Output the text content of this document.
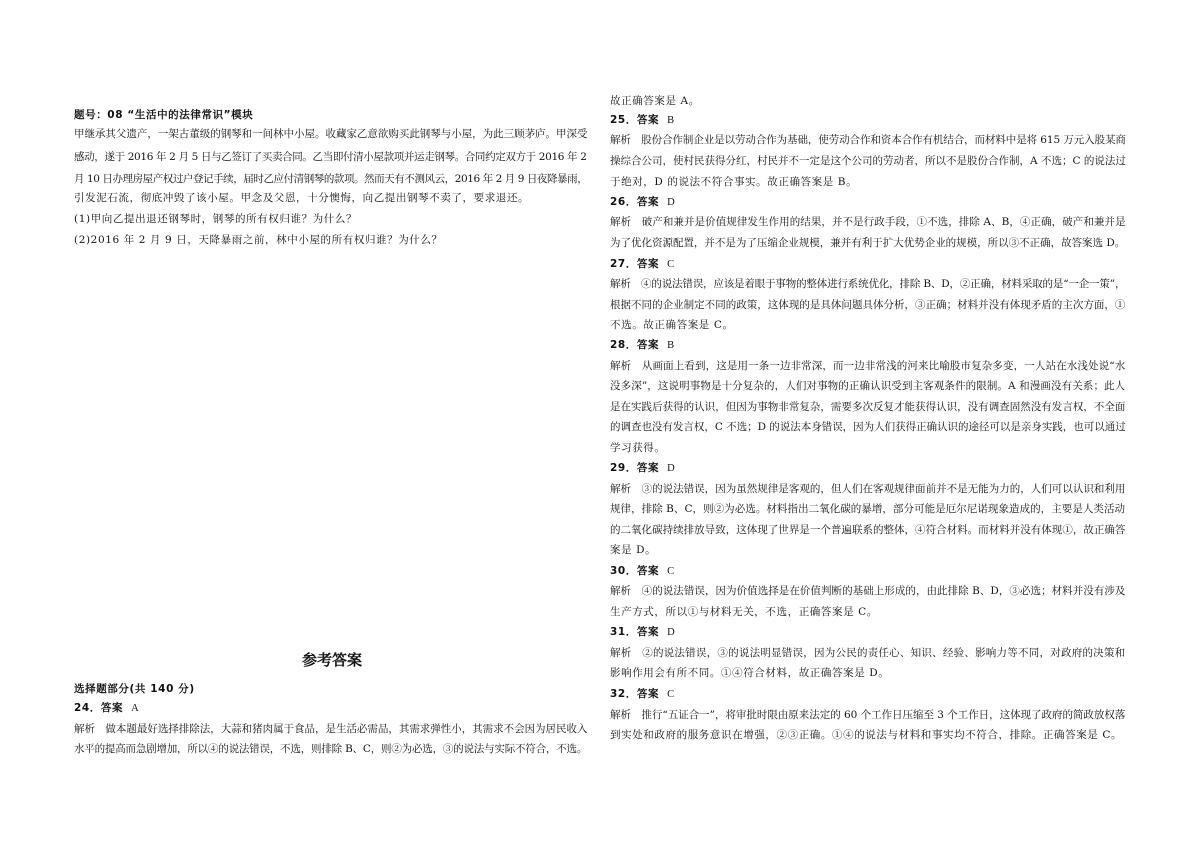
题号：08 “生活中的法律常识”模块
甲继承其父遗产，一架古董级的钢琴和一间林中小屋。收藏家乙意欲购买此钢琴与小屋，为此三顾茅庐。甲深受
感动，遂于 2016 年 2 月 5 日与乙签订了买卖合同。乙当即付清小屋款项并运走钢琴。合同约定双方于 2016 年 2
月 10 日办理房屋产权过户登记手续，届时乙应付清钢琴的款项。然而天有不测风云，2016 年 2 月 9 日夜降暴雨，
引发泥石流，彻底冲毁了该小屋。甲念及父恩，十分懊悔，向乙提出钢琴不卖了，要求退还。
(1)甲向乙提出退还钢琴时，钢琴的所有权归谁？为什么？
(2)2016 年 2 月 9 日，天降暴雨之前，林中小屋的所有权归谁？为什么？
参考答案
选择题部分(共 140 分)
24．答案 A
解析　做本题最好选择排除法，大蒜和猪肉属于食品，是生活必需品，其需求弹性小，其需求不会因为居民收入
水平的提高而急剧增加，所以④的说法错误，不选，则排除 B、C，则②为必选，③的说法与实际不符合，不选。
故正确答案是 A。
25．答案 B
解析　股份合作制企业是以劳动合作为基础，使劳动合作和资本合作有机结合，而材料中是将 615 万元入股某商
操综合公司，使村民获得分红，村民并不一定是这个公司的劳动者，所以不是股份合作制，A 不选；C 的说法过
于绝对，D 的说法不符合事实。故正确答案是 B。
26．答案 D
解析　破产和兼并是价值规律发生作用的结果，并不是行政手段，①不选，排除 A、B，④正确，破产和兼并是
为了优化资源配置，并不是为了压缩企业规模，兼并有利于扩大优势企业的规模，所以③不正确，故答案选 D。
27．答案 C
解析　④的说法错误，应该是着眼于事物的整体进行系统优化，排除 B、D，②正确，材料采取的是“一企一策”，
根据不同的企业制定不同的政策，这体现的是具体问题具体分析，③正确；材料并没有体现矛盾的主次方面，①
不选。故正确答案是 C。
28．答案 B
解析　从画面上看到，这是用一条一边非常深，而一边非常浅的河来比喻股市复杂多变，一人站在水浅处说“水
没多深”，这说明事物是十分复杂的，人们对事物的正确认识受到主客观条件的限制。A 和漫画没有关系；此人
是在实践后获得的认识，但因为事物非常复杂，需要多次反复才能获得认识，没有调查固然没有发言权，不全面
的调查也没有发言权，C 不选；D 的说法本身错误，因为人们获得正确认识的途径可以是亲身实践，也可以通过
学习获得。
29．答案 D
解析　③的说法错误，因为虽然规律是客观的，但人们在客观规律面前并不是无能为力的，人们可以认识和利用
规律，排除 B、C，则②为必选。材料指出二氧化碳的暴增，部分可能是厄尔尼诺现象造成的，主要是人类活动
的二氧化碳持续排放导致，这体现了世界是一个普遍联系的整体，④符合材料。而材料并没有体现①，故正确答
案是 D。
30．答案 C
解析　④的说法错误，因为价值选择是在价值判断的基础上形成的，由此排除 B、D，③必选；材料并没有涉及
生产方式，所以①与材料无关，不选，正确答案是 C。
31．答案 D
解析　②的说法错误，③的说法明显错误，因为公民的责任心、知识、经验、影响力等不同，对政府的决策和
影响作用会有所不同。①④符合材料，故正确答案是 D。
32．答案 C
解析　推行“五证合一”，将审批时限由原来法定的 60 个工作日压缩至 3 个工作日，这体现了政府的简政放权落
到实处和政府的服务意识在增强，②③正确。①④的说法与材料和事实均不符合，排除。正确答案是 C。
